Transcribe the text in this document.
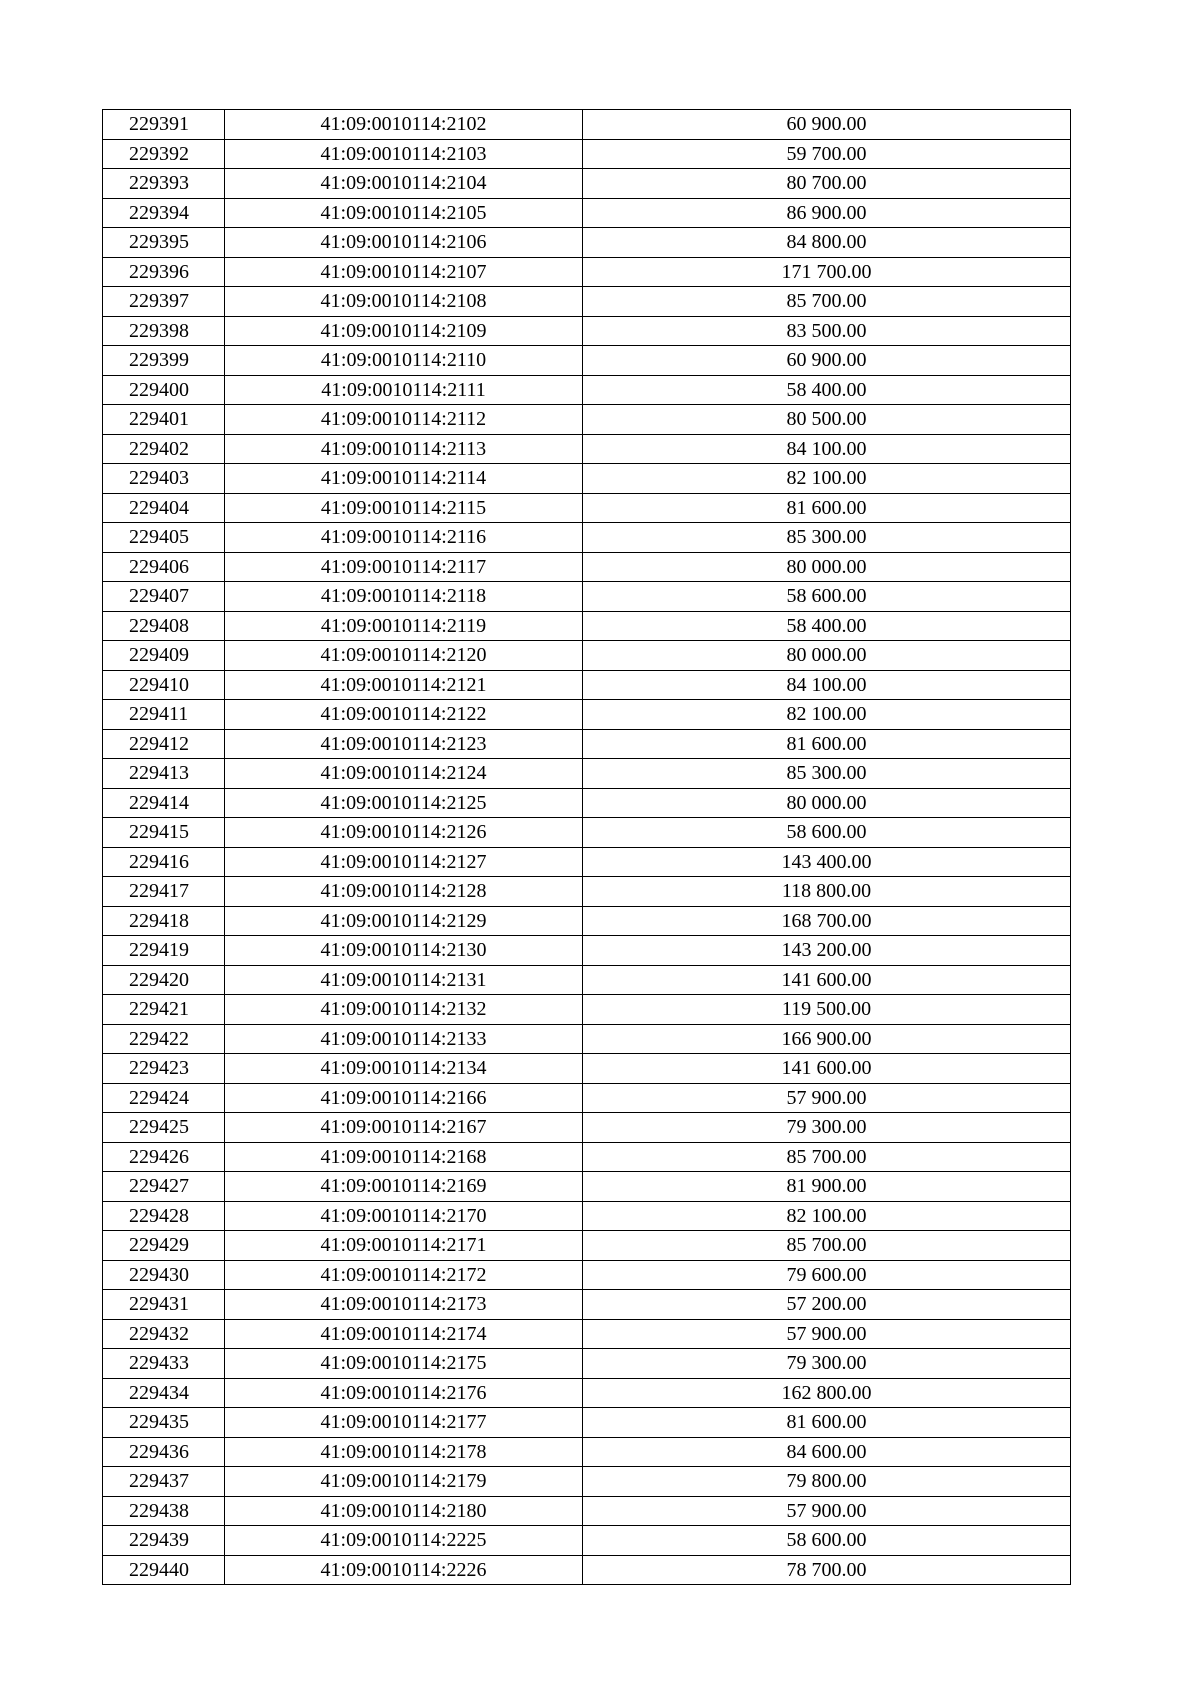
229391	41:09:0010114:2102	60 900.00
229392	41:09:0010114:2103	59 700.00
229393	41:09:0010114:2104	80 700.00
229394	41:09:0010114:2105	86 900.00
229395	41:09:0010114:2106	84 800.00
229396	41:09:0010114:2107	171 700.00
229397	41:09:0010114:2108	85 700.00
229398	41:09:0010114:2109	83 500.00
229399	41:09:0010114:2110	60 900.00
229400	41:09:0010114:2111	58 400.00
229401	41:09:0010114:2112	80 500.00
229402	41:09:0010114:2113	84 100.00
229403	41:09:0010114:2114	82 100.00
229404	41:09:0010114:2115	81 600.00
229405	41:09:0010114:2116	85 300.00
229406	41:09:0010114:2117	80 000.00
229407	41:09:0010114:2118	58 600.00
229408	41:09:0010114:2119	58 400.00
229409	41:09:0010114:2120	80 000.00
229410	41:09:0010114:2121	84 100.00
229411	41:09:0010114:2122	82 100.00
229412	41:09:0010114:2123	81 600.00
229413	41:09:0010114:2124	85 300.00
229414	41:09:0010114:2125	80 000.00
229415	41:09:0010114:2126	58 600.00
229416	41:09:0010114:2127	143 400.00
229417	41:09:0010114:2128	118 800.00
229418	41:09:0010114:2129	168 700.00
229419	41:09:0010114:2130	143 200.00
229420	41:09:0010114:2131	141 600.00
229421	41:09:0010114:2132	119 500.00
229422	41:09:0010114:2133	166 900.00
229423	41:09:0010114:2134	141 600.00
229424	41:09:0010114:2166	57 900.00
229425	41:09:0010114:2167	79 300.00
229426	41:09:0010114:2168	85 700.00
229427	41:09:0010114:2169	81 900.00
229428	41:09:0010114:2170	82 100.00
229429	41:09:0010114:2171	85 700.00
229430	41:09:0010114:2172	79 600.00
229431	41:09:0010114:2173	57 200.00
229432	41:09:0010114:2174	57 900.00
229433	41:09:0010114:2175	79 300.00
229434	41:09:0010114:2176	162 800.00
229435	41:09:0010114:2177	81 600.00
229436	41:09:0010114:2178	84 600.00
229437	41:09:0010114:2179	79 800.00
229438	41:09:0010114:2180	57 900.00
229439	41:09:0010114:2225	58 600.00
229440	41:09:0010114:2226	78 700.00
